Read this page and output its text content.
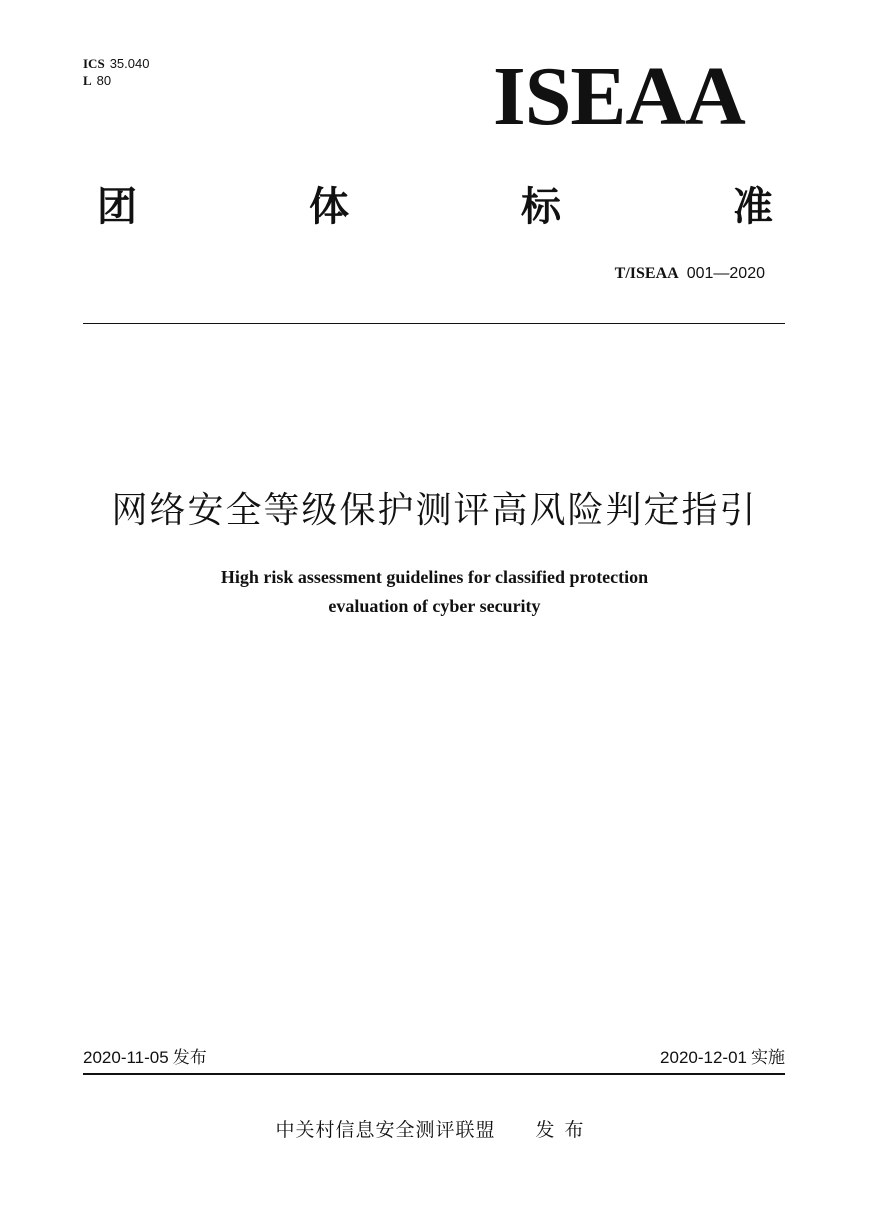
ICS 35.040
L 80	ISEAA
团	体	标	准
T/ISEAA 001—2020
网络安全等级保护测评高风险判定指引
High risk assessment guidelines for classified protection
evaluation of cyber security
2020-11-05 发布	2020-12-01 实施
中关村信息安全测评联盟 发布
